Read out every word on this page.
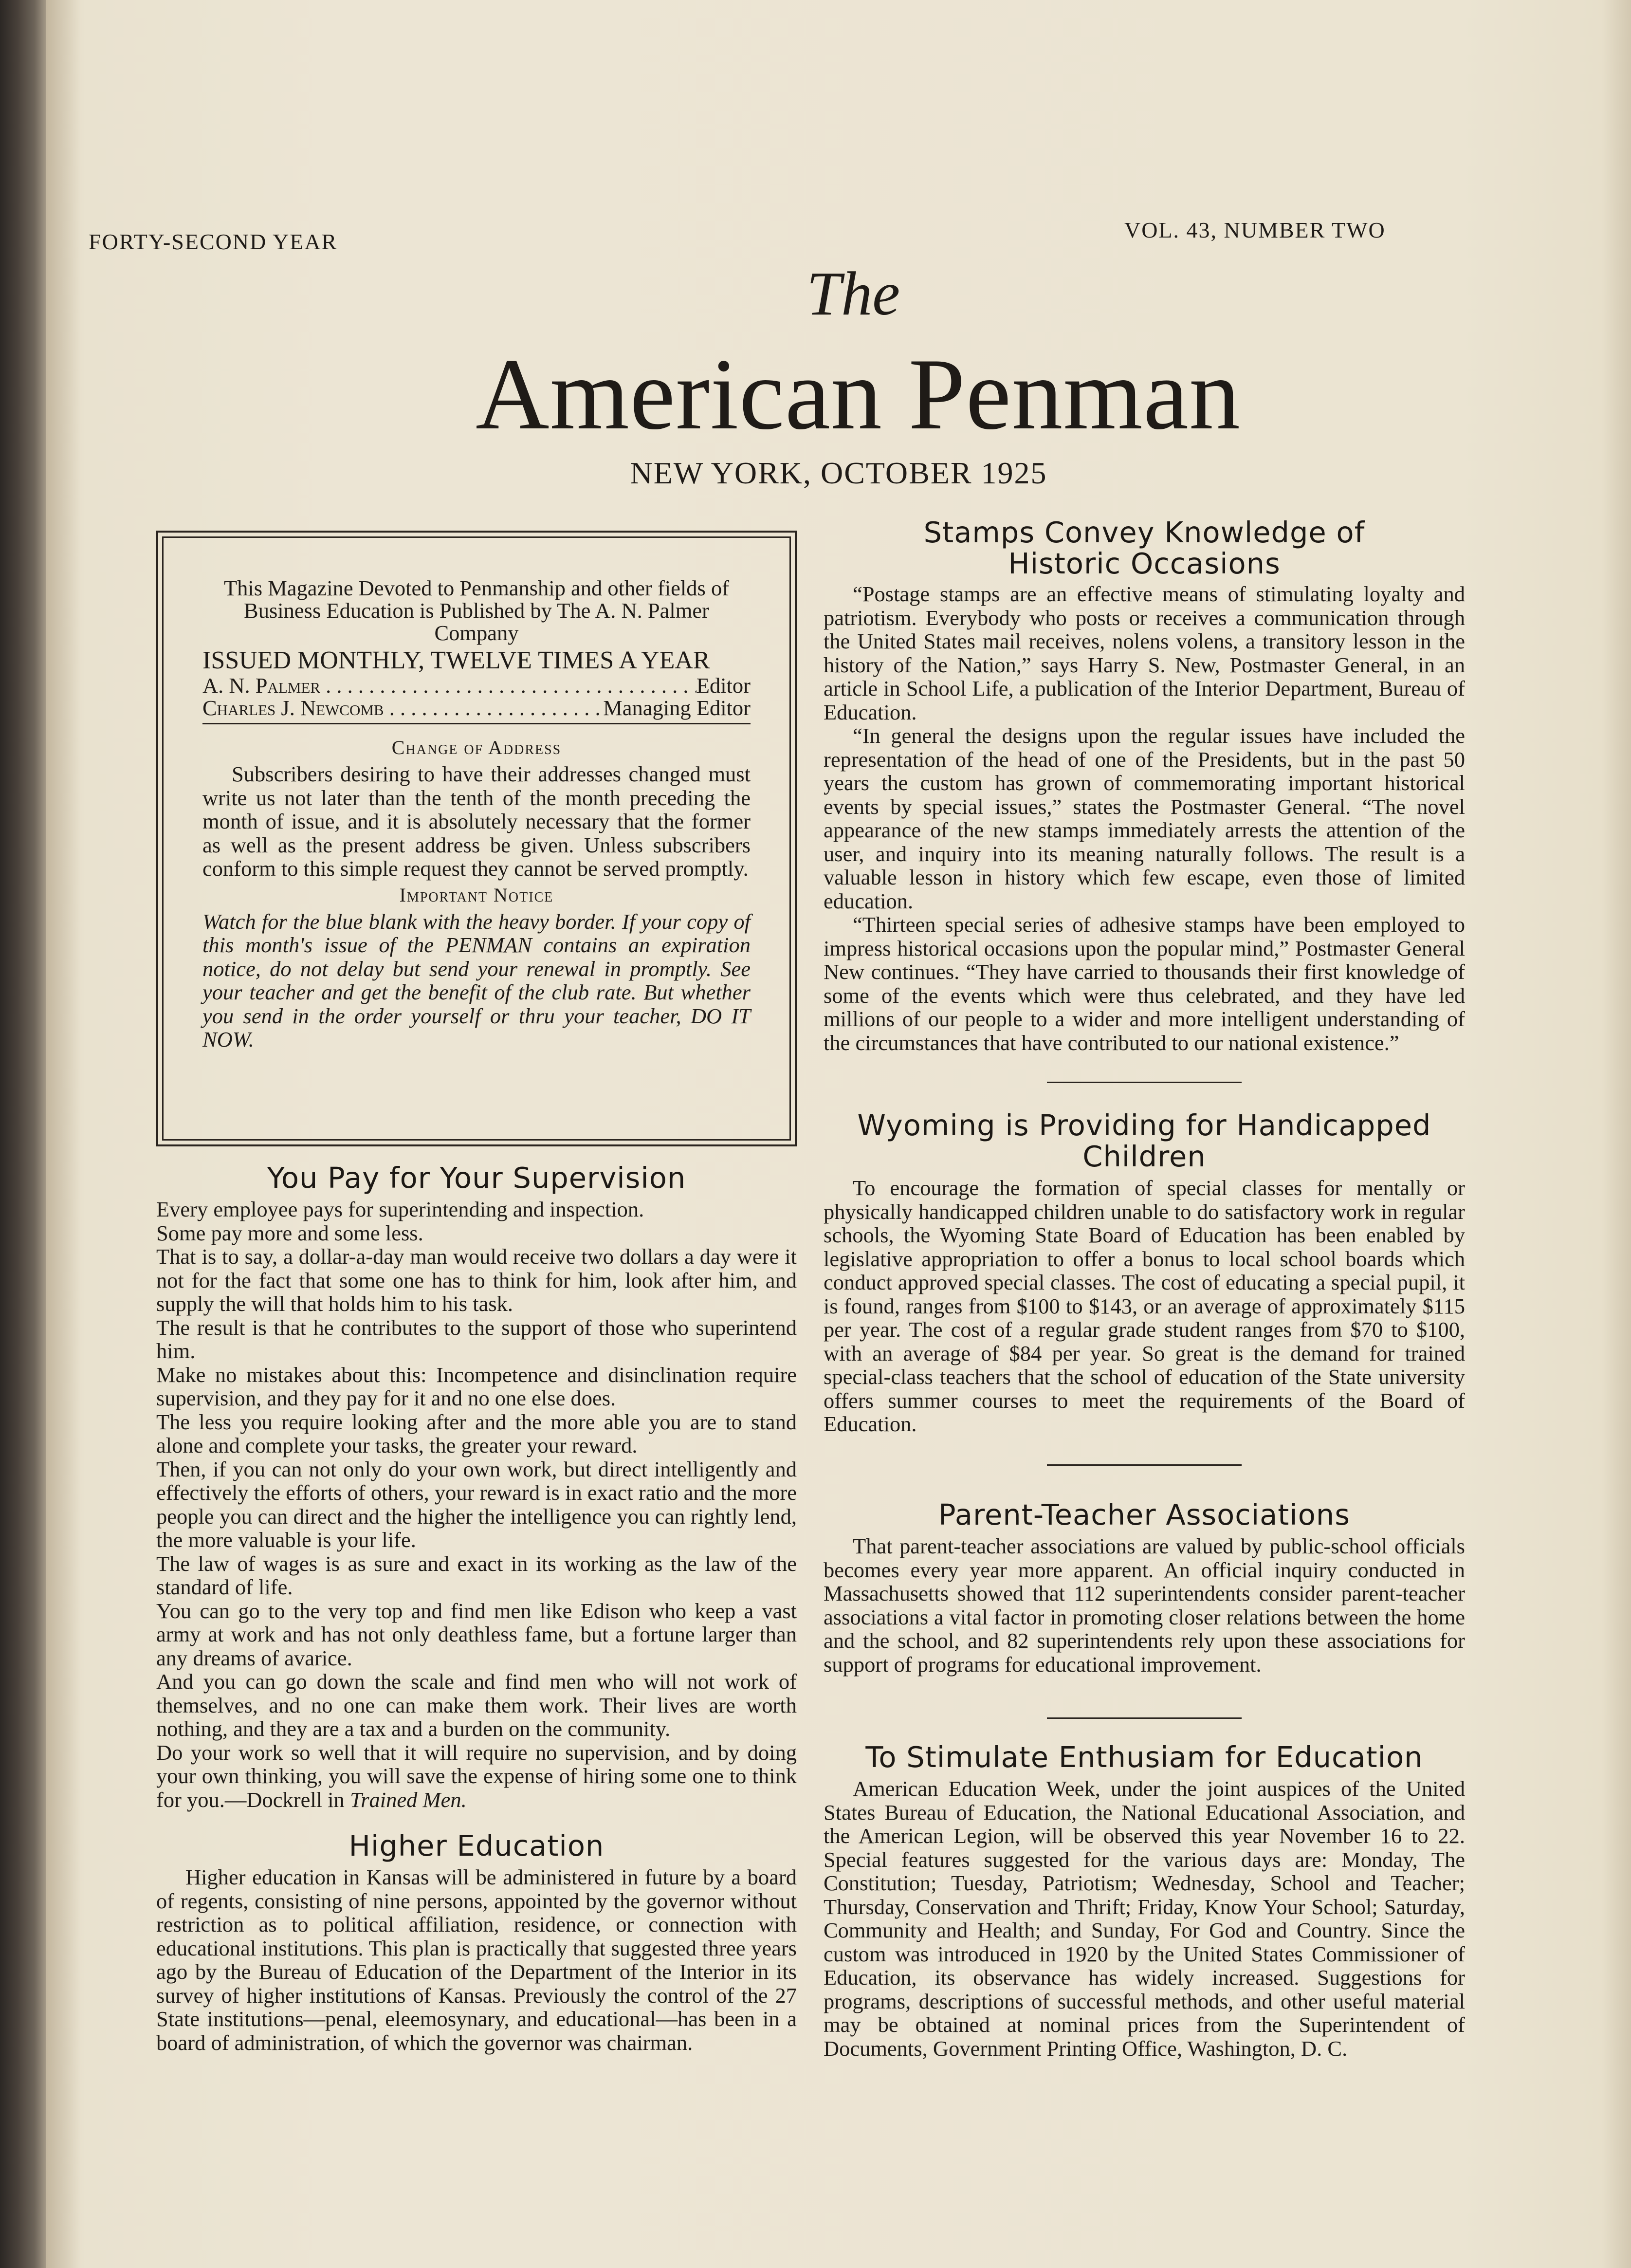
FORTY-SECOND YEAR	VOL. 43, NUMBER TWO
The
American Penman
NEW YORK, OCTOBER 1925
This Magazine Devoted to Penmanship and other fields of Business Education is Published by The A. N. Palmer Company
ISSUED MONTHLY, TWELVE TIMES A YEAR
A. N. Palmer . . .	Editor
Charles J. Newcomb . . .	Managing Editor
Change of Address

Subscribers desiring to have their addresses changed must write us not later than the tenth of the month preceding the month of issue, and it is absolutely necessary that the former as well as the present address be given. Unless subscribers conform to this simple request they cannot be served promptly.

Important Notice
Watch for the blue blank with the heavy border. If your copy of this month's issue of the PENMAN contains an expiration notice, do not delay but send your renewal in promptly. See your teacher and get the benefit of the club rate. But whether you send in the order yourself or thru your teacher, DO IT NOW.
You Pay for Your Supervision

Every employee pays for superintending and inspection.

Some pay more and some less.

That is to say, a dollar-a-day man would receive two dollars a day were it not for the fact that some one has to think for him, look after him, and supply the will that holds him to his task.

The result is that he contributes to the support of those who superintend him.

Make no mistakes about this: Incompetence and disinclination require supervision, and they pay for it and no one else does.

The less you require looking after and the more able you are to stand alone and complete your tasks, the greater your reward.

Then, if you can not only do your own work, but direct intelligently and effectively the efforts of others, your reward is in exact ratio and the more people you can direct and the higher the intelligence you can rightly lend, the more valuable is your life.

The law of wages is as sure and exact in its working as the law of the standard of life.

You can go to the very top and find men like Edison who keep a vast army at work and has not only deathless fame, but a fortune larger than any dreams of avarice.

And you can go down the scale and find men who will not work of themselves, and no one can make them work. Their lives are worth nothing, and they are a tax and a burden on the community.

Do your work so well that it will require no supervision, and by doing your own thinking, you will save the expense of hiring some one to think for you.—Dockrell in Trained Men.

Higher Education

Higher education in Kansas will be administered in future by a board of regents, consisting of nine persons, appointed by the governor without restriction as to political affiliation, residence, or connection with educational institutions. This plan is practically that suggested three years ago by the Bureau of Education of the Department of the Interior in its survey of higher institutions of Kansas. Previously the control of the 27 State institutions—penal, eleemosynary, and educational—has been in a board of administration, of which the governor was chairman.

Stamps Convey Knowledge of Historic Occasions

“Postage stamps are an effective means of stimulating loyalty and patriotism. Everybody who posts or receives a communication through the United States mail receives, nolens volens, a transitory lesson in the history of the Nation,” says Harry S. New, Postmaster General, in an article in School Life, a publication of the Interior Department, Bureau of Education.

“In general the designs upon the regular issues have included the representation of the head of one of the Presidents, but in the past 50 years the custom has grown of commemorating important historical events by special issues,” states the Postmaster General. “The novel appearance of the new stamps immediately arrests the attention of the user, and inquiry into its meaning naturally follows. The result is a valuable lesson in history which few escape, even those of limited education.

“Thirteen special series of adhesive stamps have been employed to impress historical occasions upon the popular mind,” Postmaster General New continues. “They have carried to thousands their first knowledge of some of the events which were thus celebrated, and they have led millions of our people to a wider and more intelligent understanding of the circumstances that have contributed to our national existence.”

Wyoming is Providing for Handicapped Children

To encourage the formation of special classes for mentally or physically handicapped children unable to do satisfactory work in regular schools, the Wyoming State Board of Education has been enabled by legislative appropriation to offer a bonus to local school boards which conduct approved special classes. The cost of educating a special pupil, it is found, ranges from $100 to $143, or an average of approximately $115 per year. The cost of a regular grade student ranges from $70 to $100, with an average of $84 per year. So great is the demand for trained special-class teachers that the school of education of the State university offers summer courses to meet the requirements of the Board of Education.

Parent-Teacher Associations

That parent-teacher associations are valued by public-school officials becomes every year more apparent. An official inquiry conducted in Massachusetts showed that 112 superintendents consider parent-teacher associations a vital factor in promoting closer relations between the home and the school, and 82 superintendents rely upon these associations for support of programs for educational improvement.

To Stimulate Enthusiam for Education

American Education Week, under the joint auspices of the United States Bureau of Education, the National Educational Association, and the American Legion, will be observed this year November 16 to 22. Special features suggested for the various days are: Monday, The Constitution; Tuesday, Patriotism; Wednesday, School and Teacher; Thursday, Conservation and Thrift; Friday, Know Your School; Saturday, Community and Health; and Sunday, For God and Country. Since the custom was introduced in 1920 by the United States Commissioner of Education, its observance has widely increased. Suggestions for programs, descriptions of successful methods, and other useful material may be obtained at nominal prices from the Superintendent of Documents, Government Printing Office, Washington, D. C.
